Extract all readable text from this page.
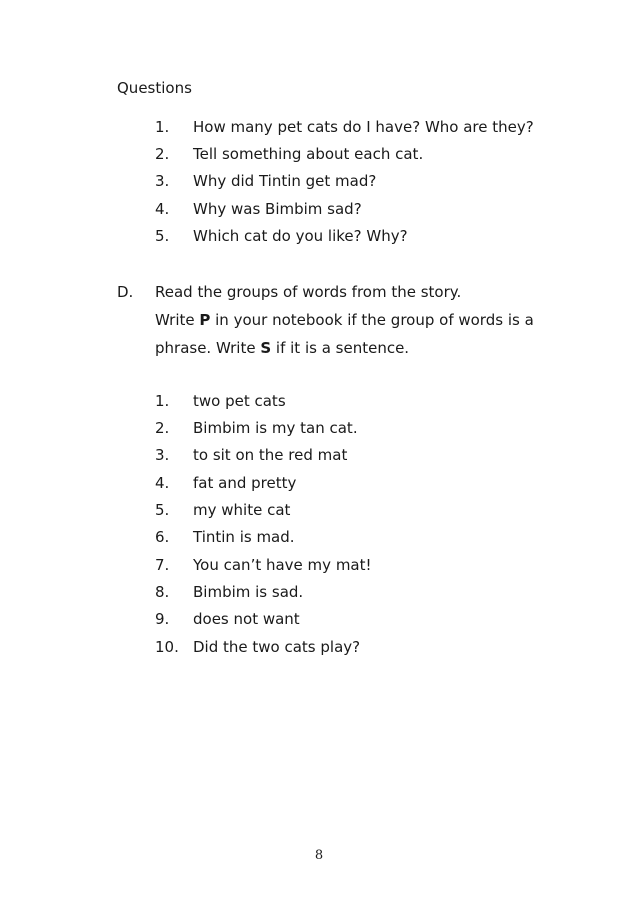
Questions
1. How many pet cats do I have? Who are they?
2. Tell something about each cat.
3. Why did Tintin get mad?
4. Why was Bimbim sad?
5. Which cat do you like? Why?
D. Read the groups of words from the story.
Write P in your notebook if the group of words is a
phrase. Write S if it is a sentence.
1. two pet cats
2. Bimbim is my tan cat.
3. to sit on the red mat
4. fat and pretty
5. my white cat
6. Tintin is mad.
7. You can’t have my mat!
8. Bimbim is sad.
9. does not want
10. Did the two cats play?
8
